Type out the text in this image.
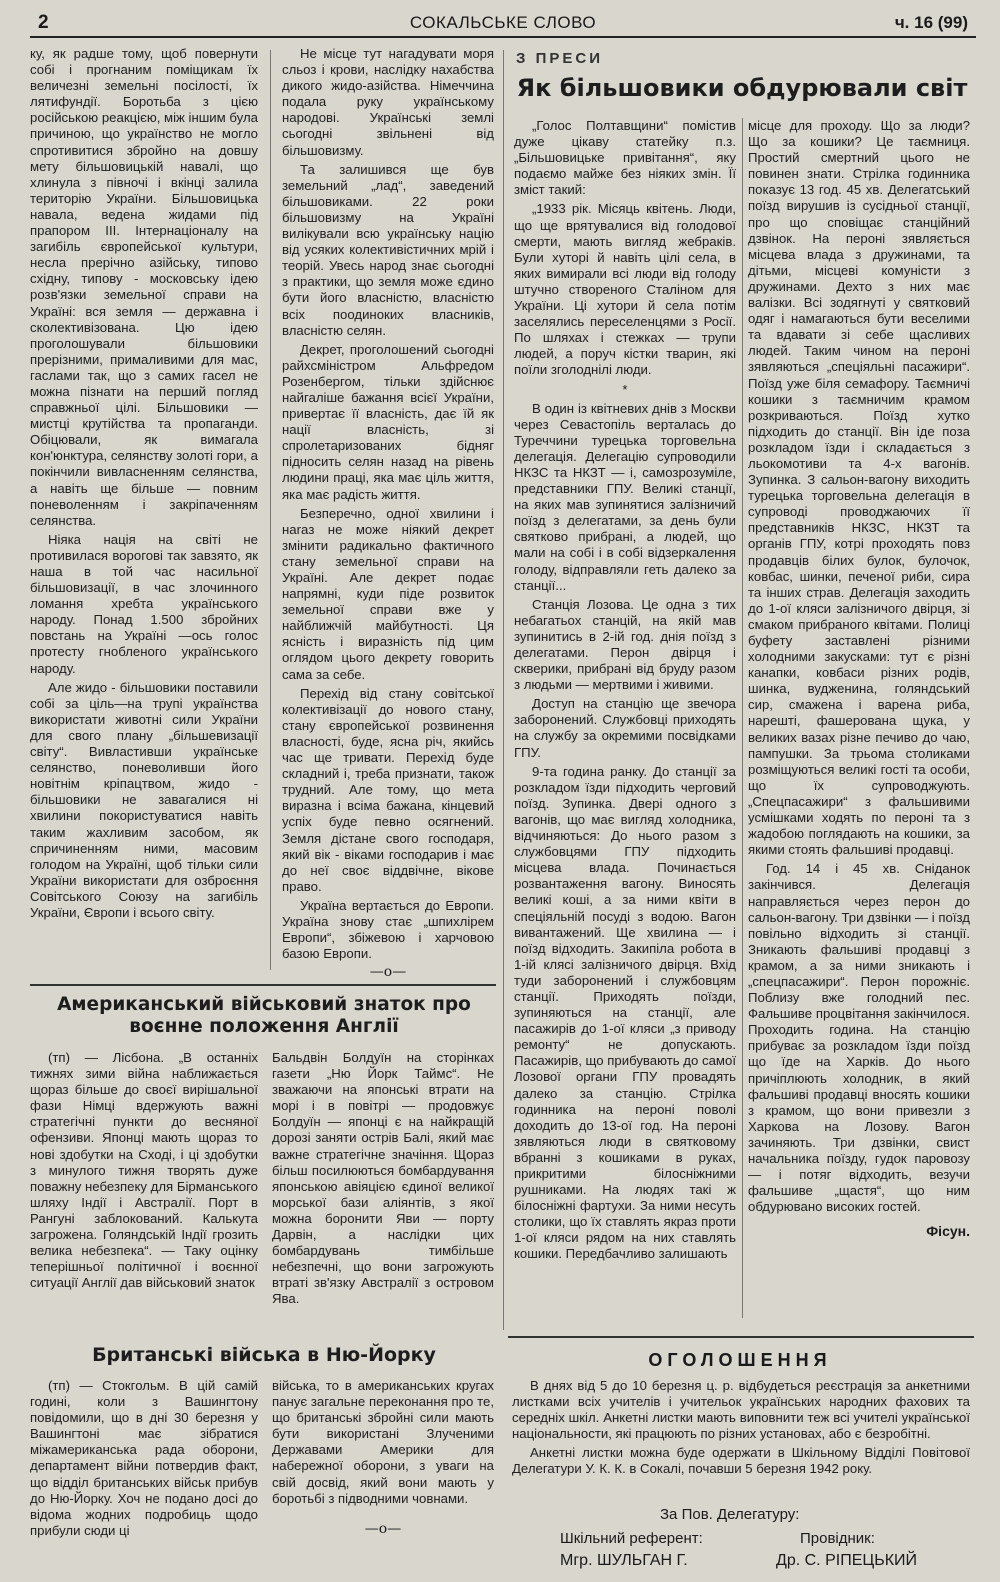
2	СОКАЛЬСЬКЕ СЛОВО	ч. 16 (99)

ку, як радше тому, щоб повернути собі і прогнаним поміщикам їх величезні земельні посілості, їх лятифундії. Боротьба з цією російською реакцією, між іншим була причиною, що українство не могло спротивитися збройно на довшу мету більшовицькій навалі, що хлинула з півночі і вкінці залила територію України. Більшовицька навала, ведена жидами під прапором III. Інтернаціоналу на загибіль європейської культури, несла прерічно азійську, типово східну, типову - московську ідею розв'язки земельної справи на Україні: вся земля — державна і сколективізована. Цю ідею проголошували більшовики прерізними, прималивими для мас, гаслами так, що з самих гасел не можна пізнати на перший погляд справжньої цілі. Більшовики — мистці крутійства та пропаганди. Обіцювали, як вимагала кон'юнктура, селянству золоті гори, а покінчили вивласненням селянства, а навіть ще більше — повним поневоленням і закріпаченням селянства.

Ніяка нація на світі не противилася ворогові так завзято, як наша в той час насильної більшовизації, в час злочинного ломання хребта українського народу. Понад 1.500 збройних повстань на Україні —ось голос протесту гнобленого українського народу.

Але жидо - більшовики поставили собі за ціль—на трупі українства використати животні сили України для свого плану „більшевизації світу“. Вивластивши українське селянство, поневоливши його новітнім кріпацтвом, жидо - більшовики не завагалися ні хвилини покористуватися навіть таким жахливим засобом, як спричиненням ними, масовим голодом на Україні, щоб тільки сили України використати для озброєння Совітського Союзу на загибіль України, Європи і всього світу.

Не місце тут нагадувати моря сльоз і крови, наслідку нахабства дикого жидо-азійства. Німеччина подала руку українському народові. Українські землі сьогодні звільнені від більшовизму.

Та залишився ще був земельний „лад“, заведений більшовиками. 22 роки більшовизму на Україні вилікували всю українську націю від усяких колективістичних мрій і теорій. Увесь народ знає сьогодні з практики, що земля може єдино бути його власністю, власністю всіх поодиноких власників, власністю селян.

Декрет, проголошений сьогодні райхсміністром Альфредом Розенбергом, тільки здійснює найгаліше бажання всієї України, привертає її власність, дає їй як нації власність, зі спролетаризованих бідняг підносить селян назад на рівень людини праці, яка має ціль життя, яка має радість життя.

Безперечно, одної хвилини і наraз не може ніякий декрет змінити радикально фактичного стану земельної справи на Україні. Але декрет подає напрямні, куди піде розвиток земельної справи вже у найближчій майбутності. Ця ясність і виразність під цим оглядом цього декрету говорить сама за себе.

Перехід від стану совітської колективізації до нового стану, стану європейської розвинення власності, буде, ясна річ, якийсь час ще тривати. Перехід буде складний і, треба признати, також трудний. Але тому, що мета виразна і всіма бажана, кінцевий успіх буде певно осягнений. Земля дістане свого господаря, який вік - віками господарив і має до неї своє віддвічне, вікове право.

Україна вертається до Европи. Україна знову стає „шпихлірем Европи“, збіжевою і харчовою базою Европи.

—о—
З ПРЕСИ
Як більшовики обдурювали світ

„Голос Полтавщини“ помістив дуже цікаву статейку п.з. „Більшовицьке привітання“, яку подаємо майже без ніяких змін. Її зміст такий:

„1933 рік. Місяць квітень. Люди, що ще врятувалися від голодової смерти, мають вигляд жебраків. Були хуторі й навіть цілі села, в яких вимирали всі люди від голоду штучно створеного Сталіном для України. Ці хутори й села потім заселялись переселенцями з Росії. По шляхах і стежках — трупи людей, а поруч кістки тварин, які поїли зголоднілі люди.

*

В один із квітневих днів з Москви через Севастопіль верталась до Туреччини турецька торговельна делегація. Делегацію супроводили НКЗС та НКЗТ — і, самозрозуміле, представники ГПУ. Великі станції, на яких мав зупинятися залізничий поїзд з делегатами, за день були святково прибрані, а людей, що мали на собі і в собі відзеркалення голоду, відправляли геть далеко за станції...

Станція Лозова. Це одна з тих небагатьох станцій, на якій мав зупинитись в 2-ій год. днія поїзд з делегатами. Перон двірця і скверики, прибрані від бруду разом з людьми — мертвими і живими.

Доступ на станцію ще звечора заборонений. Службовці приходять на службу за окремими посвідками ГПУ.

9-та година ранку. До станції за розкладом їзди підходить черговий поїзд. Зупинка. Двері одного з вагонів, що має вигляд холодника, відчиняються: До нього разом з службовцями ГПУ підходить місцева влада. Починається розвантаження вагону. Виносять великі коші, а за ними квіти в спеціяльній посуді з водою. Вагон вивантажений. Ще хвилина — і поїзд відходить. Закипіла робота в 1-ій клясі залізничого двірця. Вхід туди заборонений і службовцям станції. Приходять поїзди, зупиняються на станції, але пасажирів до 1-ої кляси „з приводу ремонту“ не допускають. Пасажирів, що прибувають до самої Лозової органи ГПУ провадять далеко за станцію. Стрілка годинника на пероні поволі доходить до 13-ої год. На пероні зявляються люди в святковому вбранні з кошиками в руках, прикритими білосніжними рушниками. На людях такі ж білосніжні фартухи. За ними несуть столики, що їх ставлять якраз проти 1-ої кляси рядом на них ставлять кошики. Передбачливо залишають

місце для проходу. Що за люди? Що за кошики? Це таємниця. Простий смертний цього не повинен знати. Стрілка годинника показує 13 год. 45 хв. Делегатський поїзд вирушив із сусідньої станції, про що сповіщає станційний дзвінок. На пероні зявляється місцева влада з дружинами, та дітьми, місцеві комуністи з дружинами. Дехто з них має валізки. Всі зодягнуті у святковий одяг і намагаються бути веселими та вдавати зі себе щасливих людей. Таким чином на пероні зявляються „спеціяльні пасажири“. Поїзд уже біля семафору. Таємничі кошики з таємничим крамом розкриваються. Поїзд хутко підходить до станції. Він іде поза розкладом їзди і складається з льокомотиви та 4-х вагонів. Зупинка. З сальон-вагону виходить турецька торговельна делегація в супроводі проводжаючих її представників НКЗС, НКЗТ та органів ГПУ, котрі проходять повз продавців білих булок, булочок, ковбас, шинки, печеної риби, сира та інших страв. Делегація заходить до 1-ої кляси залізничого двірця, зі смаком прибраного квітами. Полиці буфету заставлені різними холодними закусками: тут є різні канапки, ковбаси різних родів, шинка, вудженина, голяндський сир, смажена і варена риба, нарешті, фашерована щука, у великих вазах різне печиво до чаю, пампушки. За трьома столиками розміщуються великі гості та особи, що їх супроводжують. „Спецпасажири“ з фальшивими усмішками ходять по пероні та з жадобою поглядають на кошики, за якими стоять фальшиві продавці.

Год. 14 і 45 хв. Сніданок закінчився. Делегація направляється через перон до сальон-вагону. Три дзвінки — і поїзд повільно відходить зі станції. Зникають фальшиві продавці з крамом, а за ними зникають і „спецпасажири“. Перон порожніє. Поблизу вже голодний пес. Фальшиве процвітання закінчилося. Проходить година. На станцію прибуває за розкладом їзди поїзд що їде на Харків. До нього причіплюють холодник, в який фальшиві продавці вносять кошики з крамом, що вони привезли з Харкова на Лозову. Вагон зачиняють. Три дзвінки, свист начальника поїзду, гудок паровозу — і потяг відходить, везучи фальшиве „щастя“, що ним обдурювано високих гостей.

Фісун.
Американський військовий знаток про воєнне положення Англії

(тп) — Лісбона. „В останніх тижнях зими війна наближається щораз більше до своєї вирішальної фази Німці вдержують важні стратегічні пункти до весняної офензиви. Японці мають щораз то нові здобутки на Сході, і ці здобутки з минулого тижня творять дуже поважну небезпеку для Бірманського шляху Індії і Австралії. Порт в Рангуні заблокований. Калькута загрожена. Голяндській Індії грозить велика небезпека“. — Таку оцінку теперішньої політичної і воєнної ситуації Англії дав військовий знаток

Бальдвін Болдуїн на сторінках газети „Ню Йорк Таймс“. Не зважаючи на японські втрати на морі і в повітрі — продовжує Болдуїн — японці є на найкращій дорозі заняти острів Балі, який має важне стратегічне значіння. Щораз більш посилюються бомбардування японською авіяцією єдиної великої морської бази аліянтів, з якої можна боронити Яви — порту Дарвін, а наслідки цих бомбардувань тимбільше небезпечні, що вони загрожують втраті зв'язку Австралії з островом Ява.

Британські війська в Ню-Йорку

(тп) — Стокгольм. В цій самій годині, коли з Вашингтону повідомили, що в дні 30 березня у Вашингтоні має зібратися міжамериканська рада оборони, департамент війни потвердив факт, що відділ британських військ прибув до Ню-Йорку. Хоч не подано досі до відома жодних подробиць щодо прибули сюди ці

війська, то в американських кругах панує загальне переконання про те, що британські збройні сили мають бути використані Злученими Державами Америки для набережної оборони, з уваги на свій досвід, який вони мають у боротьбі з підводними човнами.

—о—
ОГОЛОШЕННЯ

В днях від 5 до 10 березня ц. р. відбудеться реєстрація за анкетними листками всіх учителів і учительок українських народних фахових та середніх шкіл. Анкетні листки мають виповнити теж всі учителі української національности, які працюють по різних установах, або є безробітні.

Анкетні листки можна буде одержати в Шкільному Відділі Повітової Делегатури У. К. К. в Сокалі, почавши 5 березня 1942 року.

За Пов. Делегатуру:
Шкільний референт:	Провідник:
Мгр. ШУЛЬГАН Г.	Др. С. РІПЕЦЬКИЙ
